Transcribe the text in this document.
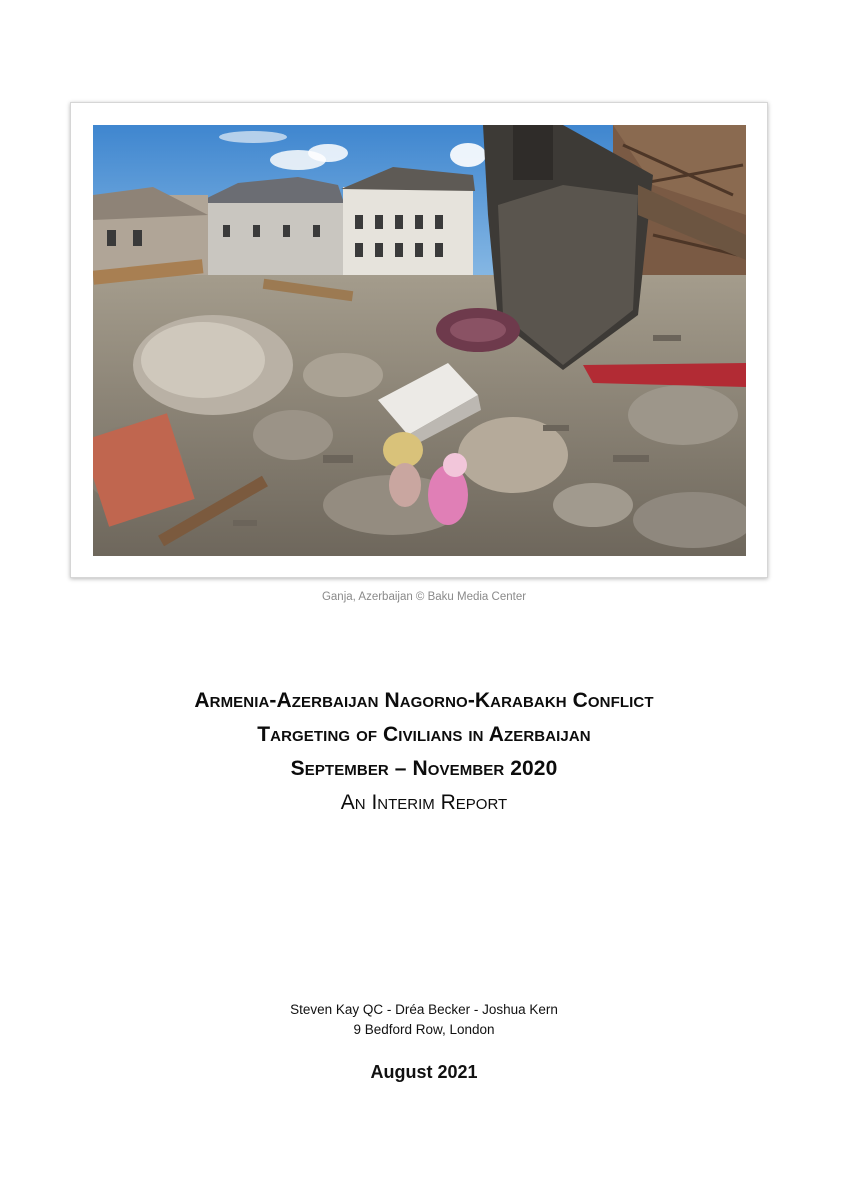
Ganja, Azerbaijan © Baku Media Center
Armenia-Azerbaijan Nagorno-Karabakh Conflict
Targeting of Civilians in Azerbaijan
September – November 2020
An Interim Report
Steven Kay QC - Dréa Becker - Joshua Kern
9 Bedford Row, London
August 2021
